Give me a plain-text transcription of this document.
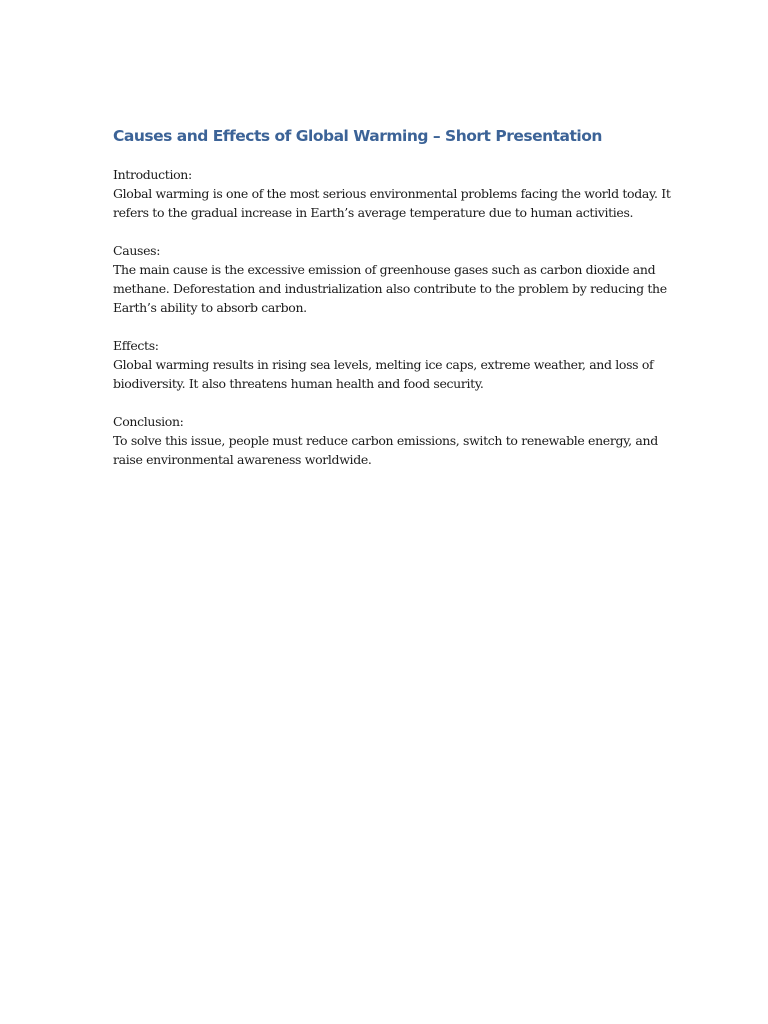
Causes and Effects of Global Warming – Short Presentation

Introduction:

Global warming is one of the most serious environmental problems facing the world today. It refers to the gradual increase in Earth’s average temperature due to human activities.

Causes:

The main cause is the excessive emission of greenhouse gases such as carbon dioxide and methane. Deforestation and industrialization also contribute to the problem by reducing the Earth’s ability to absorb carbon.

Effects:

Global warming results in rising sea levels, melting ice caps, extreme weather, and loss of biodiversity. It also threatens human health and food security.

Conclusion:

To solve this issue, people must reduce carbon emissions, switch to renewable energy, and raise environmental awareness worldwide.
